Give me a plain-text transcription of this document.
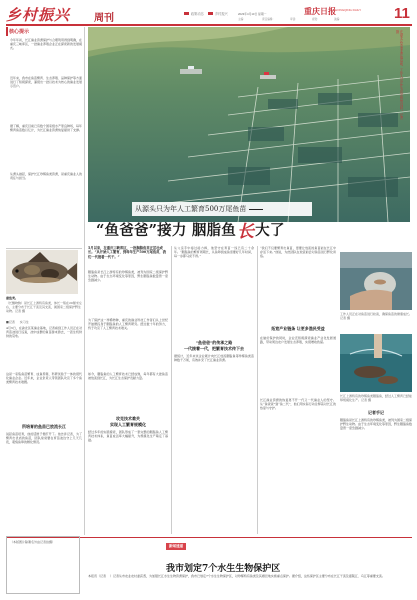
乡村振兴	周刊	政策动态	乡村振兴	2023年4月10日 星期一	重庆日报
CHONGQING DAILY 11
主编：	责任编辑：	审读：	视觉：	美编：
核心提示
今年年初，长江渔业资源保护与合理利用得到明确，在重庆三峡库区，一批渔业养殖企业正在探索新的发展模式。
近年来，我市在鱼苗繁育、生态养殖、品种保护等方面进行了积极探索，涌现出一批以技术为核心的渔业发展示范户。
据了解，重庆目前已有数个国家级水产原良种场，每年繁育鱼苗数以亿计，为长江渔业资源恢复提供了支撑。
从源头做起，保护长江珍稀鱼类资源，是重庆渔业人的责任与担当。
唐鱼卖。
（长鳍吻鮈）是长江上游特有鱼类，体长一般在20厘米左右，主要分布于长江干流及其支流，属国家二级保护野生动物。记者 摄
■记者 　 实习生 　
4月3日，在渝北区某渔业基地，记者看到工作人员正在对育苗池进行巡查，池中成群的鱼苗游来游去，一派生机勃勃的景象。
这是一家集鱼苗繁育、成鱼养殖、科研试验于一体的现代化渔业企业。近年来，企业负责人带领团队攻克了多个鱼类繁育技术难题。
所培育的鱼苗已放流长江
说起鱼苗培育，他的话匣子便打开了。他告诉记者，为了繁育出优质的鱼苗，团队常常要在育苗池边守上几天几夜，观察鱼卵的孵化情况。
在渝北区某渔业养殖基地，工作人员正在为鱼苗投放饲料。记者 摄
从源头只为年人工繁育500万尾鱼苗
“鱼爸爸”接力 胭脂鱼 长 大了
5月以来，在重庆三峡库区，一批胭脂鱼苗正茁壮成长。“从开始人工繁育，到每年生产500万尾鱼苗，我们一代接着一代干。”
胭脂鱼是长江上游特有的珍稀鱼类，被列为国家二级保护野生动物。由于生态环境变化等原因，野生胭脂鱼数量曾一度急剧减少。
为了保护这一珍稀物种，重庆的渔业科技工作者们从上世纪开始便投身于胭脂鱼的人工繁育研究。经过数十年的努力，终于攻克了人工繁育技术难关。
如今，胭脂鱼的人工繁育技术已经成熟，每年都有大批鱼苗被放流到长江，为长江生态保护贡献力量。
攻克技术难关
实现人工繁育规模化
经过多年的实践摸索，团队形成了一套完整的胭脂鱼人工繁育技术体系，鱼苗成活率大幅提升，为规模化生产奠定了基础。
从父亲手中接过接力棒，他坚守在育苗一线已有二十余年。“胭脂鱼的繁育周期长，从鱼卵到成鱼需要好几年时间，每一步都马虎不得。”
“鱼爸爸”的传承之路
一代接着一代，把繁育技术传下去
据统计，近年来该企业累计向长江放流胭脂鱼等珍稀鱼类苗种数千万尾，有效补充了长江渔业资源。
“我们不仅要繁育出鱼苗，更要让放流的鱼苗能在长江中存活下来。”他说，为此团队在放流前会对鱼苗进行野化训练。
拓宽产业链条 让更多渔民受益
在做好保护的同时，企业还积极探索渔业产业化发展道路，带动周边农户发展生态养殖，实现增收致富。
长江渔业资源的恢复离不开一代又一代渔业人的坚守。从“鱼爸爸”到“鱼二代”，他们用实际行动诠释着对长江的热爱与守护。
工作人员正在对鱼苗进行检查，确保鱼苗的健康成长。记者 摄
长江上游特有的珍稀鱼类胭脂鱼，经过人工繁育已经能够规模化生产。记者 摄
记者手记
胭脂鱼是长江上游特有的珍稀鱼类，被列为国家二级保护野生动物。由于生态环境变化等原因，野生胭脂鱼数量曾一度急剧减少。
（本版图片除署名外由记者拍摄）
新闻速递
我市划定7个水生生物保护区
本报讯（记者 　）记者从市农业农村委获悉，为加强长江水生生物资源保护，我市已划定7个水生生物保护区，对珍稀特有鱼类及其栖息地实施重点保护。据介绍，这些保护区主要分布在长江干流及嘉陵江、乌江等重要支流。
